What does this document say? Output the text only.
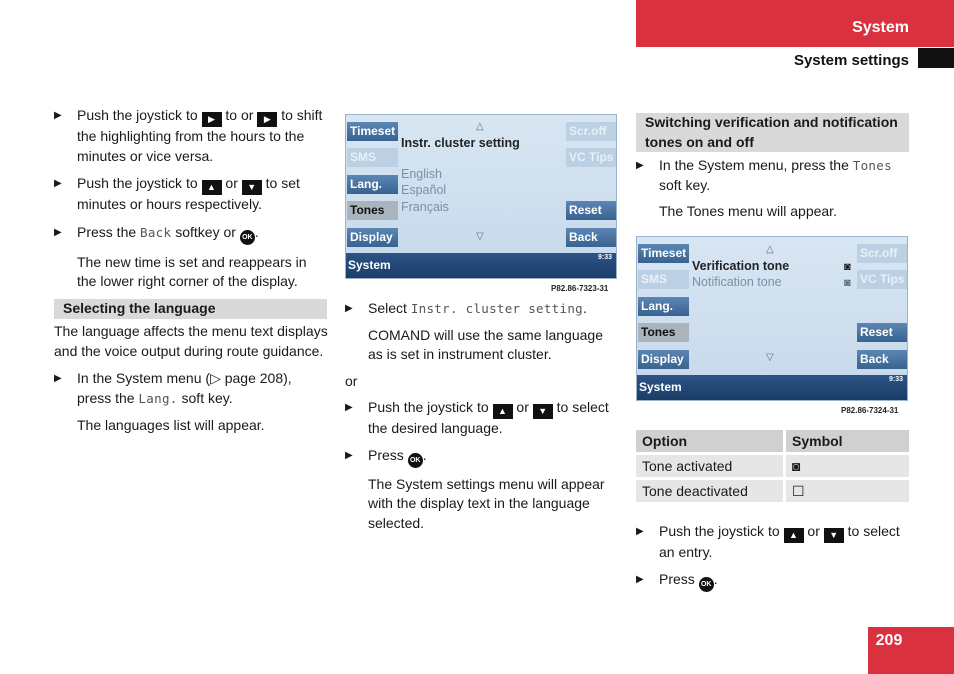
System
System settings

▶ Push the joystick to ▶ to or ▶ to shift the highlighting from the hours to the minutes or vice versa.

▶ Push the joystick to ▲ or ▼ to set minutes or hours respectively.

▶ Press the Back softkey or OK .

The new time is set and reappears in the lower right corner of the display.

Selecting the language

The language affects the menu text displays and the voice output during route guidance.

▶ In the System menu (▷ page 208), press the Lang. soft key.

The languages list will appear.

Timeset
SMS
Lang.
Tones
Display
Scr.off
VC Tips
Reset
Back
△
Instr. cluster setting
English
Español
Français
▽
System
9:33
P82.86-7323-31

▶ Select Instr. cluster setting.

COMAND will use the same language as is set in instrument cluster.

or

▶ Push the joystick to ▲ or ▼ to select the desired language.

▶ Press OK .

The System settings menu will appear with the display text in the language selected.

Switching verification and notification tones on and off

▶ In the System menu, press the Tones soft key.

The Tones menu will appear.

Timeset
SMS
Lang.
Tones
Display
Scr.off
VC Tips
Reset
Back
△
Verification tone
Notification tone
◙
◙
▽
System
9:33
P82.86-7324-31
Option	Symbol
Tone activated	◙
Tone deactivated	☐

▶ Push the joystick to ▲ or ▼ to select an entry.

▶ Press OK .

209
